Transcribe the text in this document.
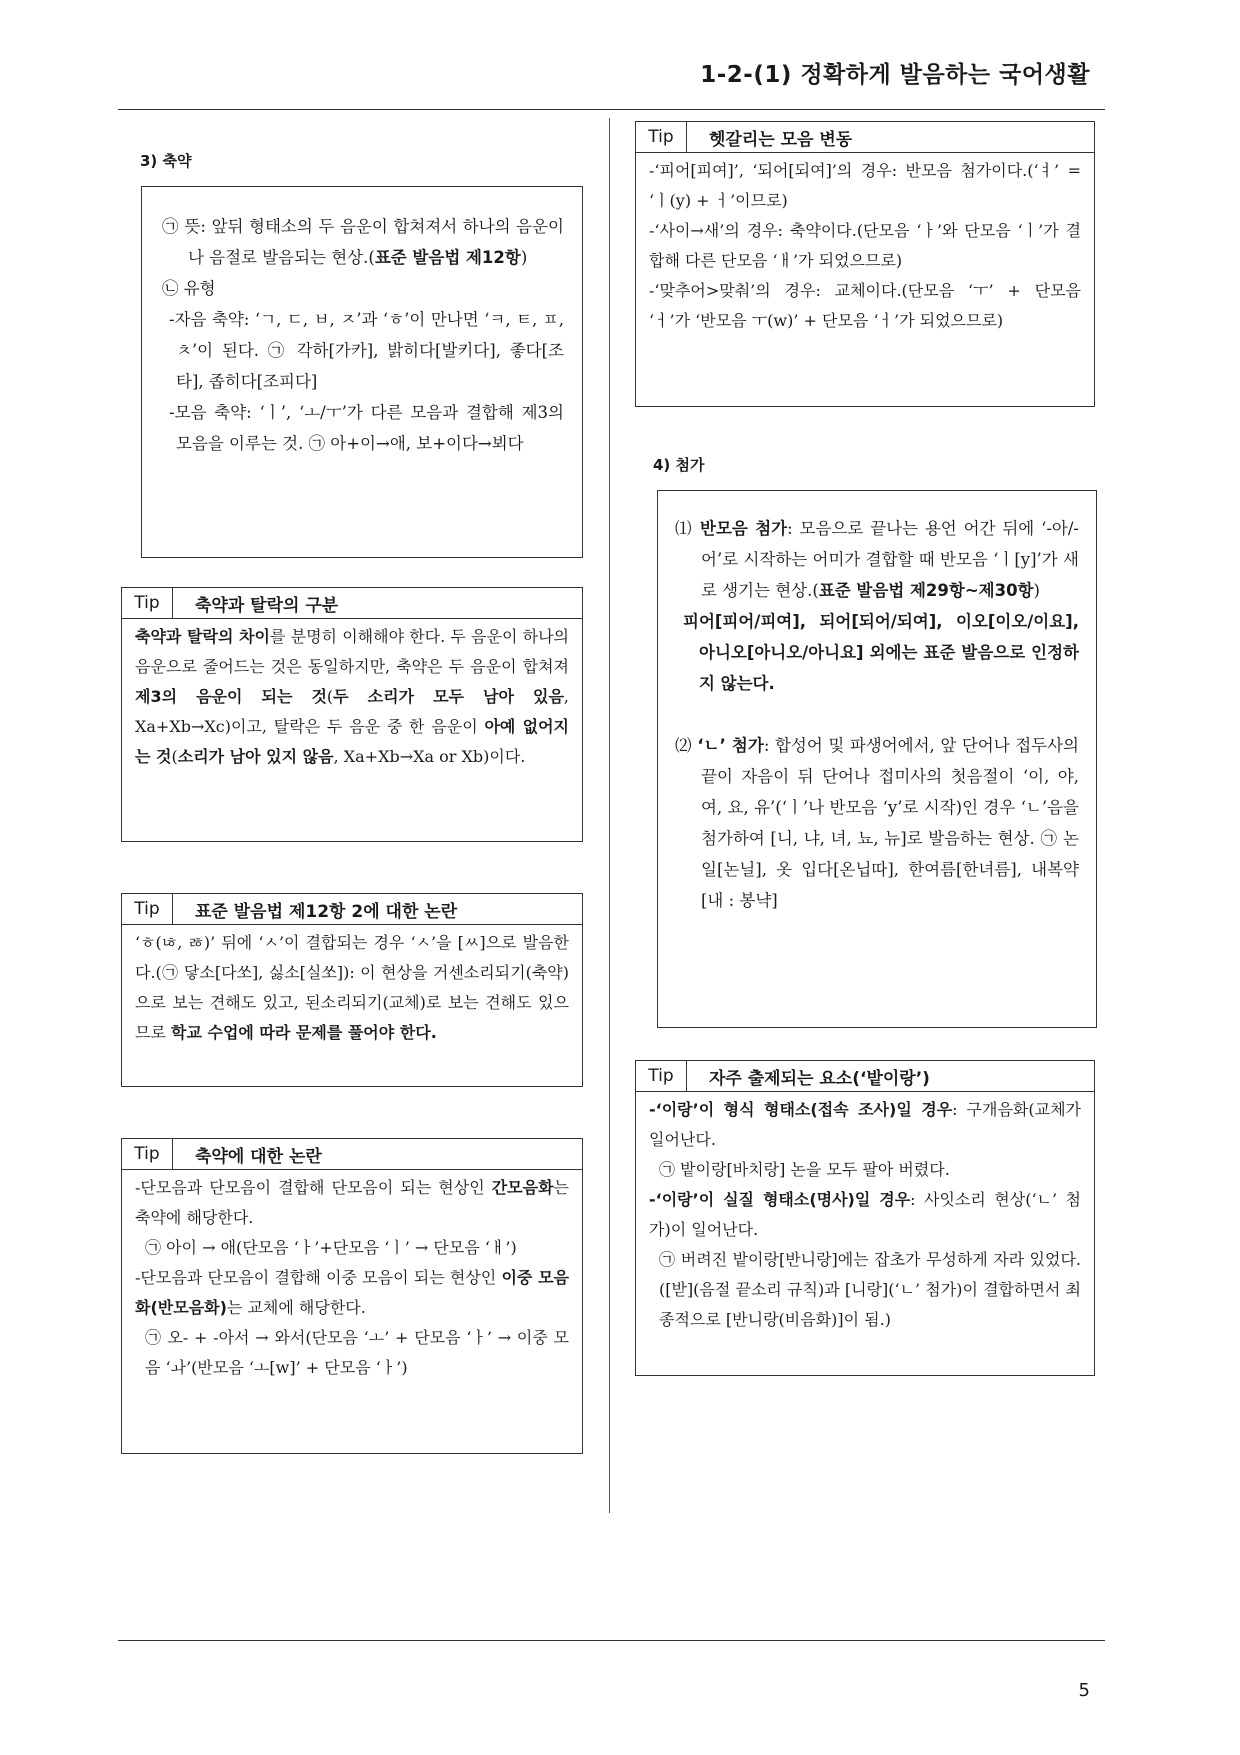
1-2-(1) 정확하게 발음하는 국어생활
3) 축약

㉠ 뜻: 앞뒤 형태소의 두 음운이 합쳐져서 하나의 음운이나 음절로 발음되는 현상.(표준 발음법 제12항)

㉡ 유형

-자음 축약: ‘ㄱ, ㄷ, ㅂ, ㅈ’과 ‘ㅎ’이 만나면 ‘ㅋ, ㅌ, ㅍ, ㅊ’이 된다. ㉠ 각하[가카], 밝히다[발키다], 좋다[조타], 좁히다[조피다]

-모음 축약: ‘ㅣ’, ‘ㅗ/ㅜ’가 다른 모음과 결합해 제3의 모음을 이루는 것. ㉠ 아+이→애, 보+이다→뵈다

Tip	축약과 탈락의 구분

축약과 탈락의 차이를 분명히 이해해야 한다. 두 음운이 하나의 음운으로 줄어드는 것은 동일하지만, 축약은 두 음운이 합쳐져 제3의 음운이 되는 것(두 소리가 모두 남아 있음, Xa+Xb→Xc)이고, 탈락은 두 음운 중 한 음운이 아예 없어지는 것(소리가 남아 있지 않음, Xa+Xb→Xa or Xb)이다.

Tip	표준 발음법 제12항 2에 대한 논란

‘ㅎ(ㄶ, ㅀ)’ 뒤에 ‘ㅅ’이 결합되는 경우 ‘ㅅ’을 [ㅆ]으로 발음한다.(㉠ 닿소[다쏘], 싫소[실쏘]): 이 현상을 거센소리되기(축약)으로 보는 견해도 있고, 된소리되기(교체)로 보는 견해도 있으므로 학교 수업에 따라 문제를 풀어야 한다.

Tip	축약에 대한 논란

-단모음과 단모음이 결합해 단모음이 되는 현상인 간모음화는 축약에 해당한다.

㉠ 아이 → 애(단모음 ‘ㅏ’+단모음 ‘ㅣ’ → 단모음 ‘ㅐ’)

-단모음과 단모음이 결합해 이중 모음이 되는 현상인 이중 모음화(반모음화)는 교체에 해당한다.

㉠ 오- + -아서 → 와서(단모음 ‘ㅗ’ + 단모음 ‘ㅏ’ → 이중 모음 ‘ㅘ’(반모음 ‘ㅗ[w]’ + 단모음 ‘ㅏ’)

Tip	헷갈리는 모음 변동

-‘피어[피여]’, ‘되어[되여]’의 경우: 반모음 첨가이다.(‘ㅕ’ = ‘ㅣ(y) + ㅓ’이므로)

-‘사이→새’의 경우: 축약이다.(단모음 ‘ㅏ’와 단모음 ‘ㅣ’가 결합해 다른 단모음 ‘ㅐ’가 되었으므로)

-‘맞추어>맞춰’의 경우: 교체이다.(단모음 ‘ㅜ’ + 단모음 ‘ㅓ’가 ‘반모음 ㅜ(w)’ + 단모음 ‘ㅓ’가 되었으므로)

4) 첨가

⑴ 반모음 첨가: 모음으로 끝나는 용언 어간 뒤에 ‘-아/-어’로 시작하는 어미가 결합할 때 반모음 ‘ㅣ[y]’가 새로 생기는 현상.(표준 발음법 제29항~제30항)

피어[피어/피여], 되어[되어/되여], 이오[이오/이요], 아니오[아니오/아니요] 외에는 표준 발음으로 인정하지 않는다.

⑵ ‘ㄴ’ 첨가: 합성어 및 파생어에서, 앞 단어나 접두사의 끝이 자음이 뒤 단어나 접미사의 첫음절이 ‘이, 야, 여, 요, 유’(‘ㅣ’나 반모음 ‘y’로 시작)인 경우 ‘ㄴ’음을 첨가하여 [니, 냐, 녀, 뇨, 뉴]로 발음하는 현상. ㉠ 논일[논닐], 옷 입다[온닙따], 한여름[한녀름], 내복약[내 : 봉냑]

Tip	자주 출제되는 요소(‘밭이랑’)

-‘이랑’이 형식 형태소(접속 조사)일 경우: 구개음화(교체가 일어난다.

㉠ 밭이랑[바치랑] 논을 모두 팔아 버렸다.

-‘이랑’이 실질 형태소(명사)일 경우: 사잇소리 현상(‘ㄴ’ 첨가)이 일어난다.

㉠ 버려진 밭이랑[반니랑]에는 잡초가 무성하게 자라 있었다.([받](음절 끝소리 규칙)과 [니랑](‘ㄴ’ 첨가)이 결합하면서 최종적으로 [반니랑(비음화)]이 됨.)

5
